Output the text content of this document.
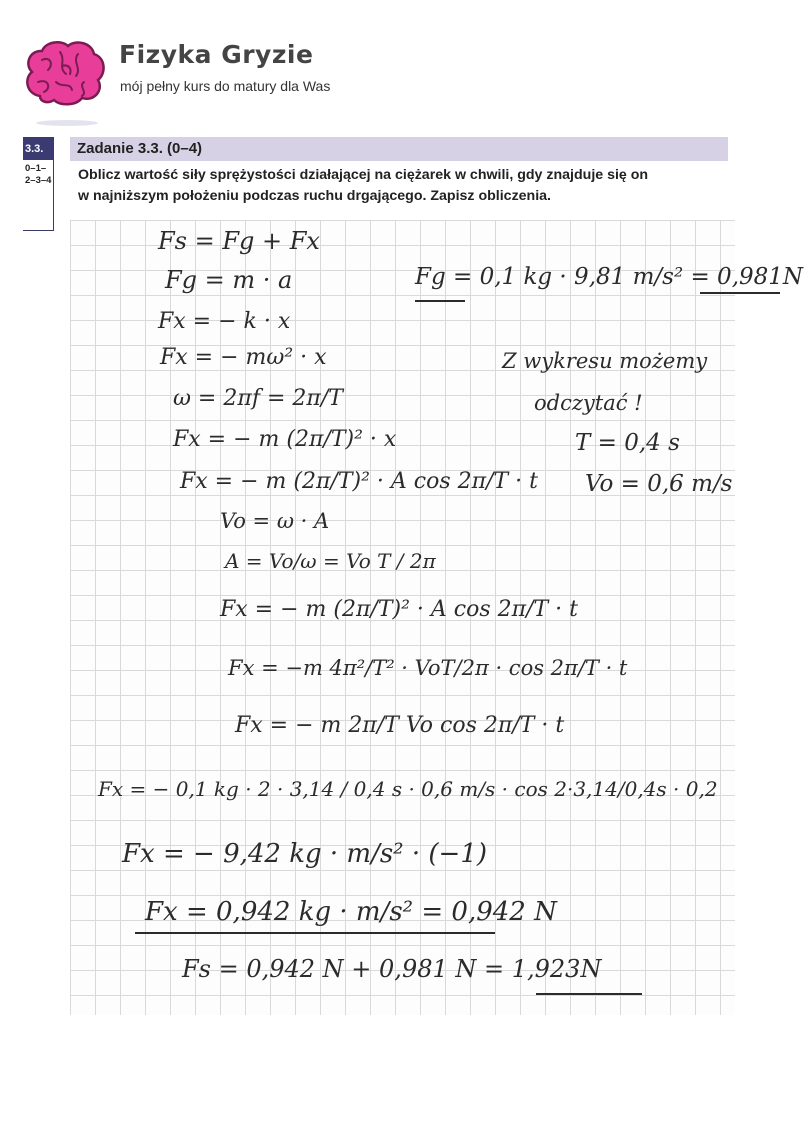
Fizyka Gryzie
mój pełny kurs do matury dla Was
3.3.
0–1–
2–3–4
Zadanie 3.3. (0–4)
Oblicz wartość siły sprężystości działającej na ciężarek w chwili, gdy znajduje się on
w najniższym położeniu podczas ruchu drgającego. Zapisz obliczenia.
Fs = Fg + Fx
Fg = m · a
Fx = − k · x
Fx = − mω² · x
ω = 2πf = 2π/T
Fx = − m (2π/T)² · x
Fx = − m (2π/T)² · A cos 2π/T · t
Vo = ω · A
A = Vo/ω = Vo T / 2π
Fx = − m (2π/T)² · A cos 2π/T · t
Fx = −m 4π²/T² · VoT/2π · cos 2π/T · t
Fx = − m 2π/T Vo cos 2π/T · t
Fx = − 0,1 kg · 2 · 3,14 / 0,4 s · 0,6 m/s · cos 2·3,14/0,4s · 0,2
Fx = − 9,42 kg · m/s² · (−1)
Fx = 0,942 kg · m/s² = 0,942 N
Fs = 0,942 N + 0,981 N = 1,923N
Fg = 0,1 kg · 9,81 m/s² = 0,981N
Z wykresu możemy
odczytać !
T = 0,4 s
Vo = 0,6 m/s
